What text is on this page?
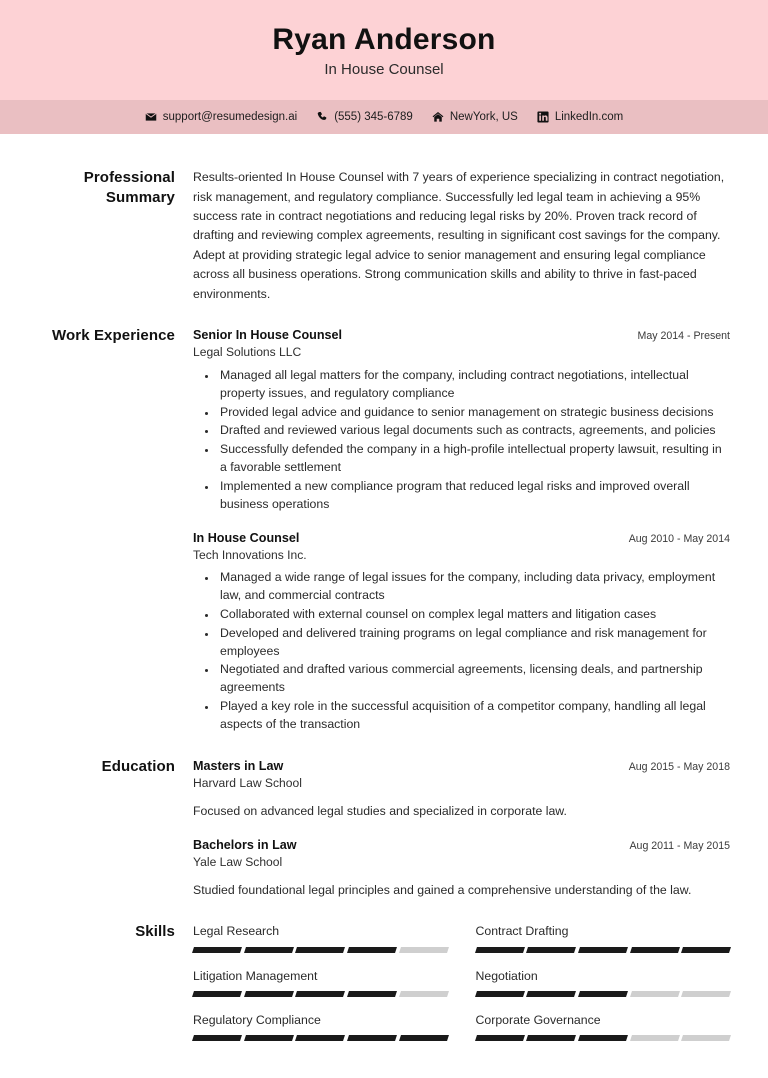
Ryan Anderson
In House Counsel
support@resumedesign.ai	(555) 345-6789	NewYork, US	LinkedIn.com
Professional Summary
Results-oriented In House Counsel with 7 years of experience specializing in contract negotiation, risk management, and regulatory compliance. Successfully led legal team in achieving a 95% success rate in contract negotiations and reducing legal risks by 20%. Proven track record of drafting and reviewing complex agreements, resulting in significant cost savings for the company. Adept at providing strategic legal advice to senior management and ensuring legal compliance across all business operations. Strong communication skills and ability to thrive in fast-paced environments.
Work Experience Senior In House Counsel	May 2014 - Present
Legal Solutions LLC
• Managed all legal matters for the company, including contract negotiations, intellectual property issues, and regulatory compliance
• Provided legal advice and guidance to senior management on strategic business decisions
• Drafted and reviewed various legal documents such as contracts, agreements, and policies
• Successfully defended the company in a high-profile intellectual property lawsuit, resulting in a favorable settlement
• Implemented a new compliance program that reduced legal risks and improved overall business operations
In House Counsel	Aug 2010 - May 2014
Tech Innovations Inc.
• Managed a wide range of legal issues for the company, including data privacy, employment law, and commercial contracts
• Collaborated with external counsel on complex legal matters and litigation cases
• Developed and delivered training programs on legal compliance and risk management for employees
• Negotiated and drafted various commercial agreements, licensing deals, and partnership agreements
• Played a key role in the successful acquisition of a competitor company, handling all legal aspects of the transaction
Education Masters in Law	Aug 2015 - May 2018
Harvard Law School
Focused on advanced legal studies and specialized in corporate law.
Bachelors in Law	Aug 2011 - May 2015
Yale Law School
Studied foundational legal principles and gained a comprehensive understanding of the law.
Skills Legal Research	Contract Drafting
Litigation Management	Negotiation
Regulatory Compliance	Corporate Governance
